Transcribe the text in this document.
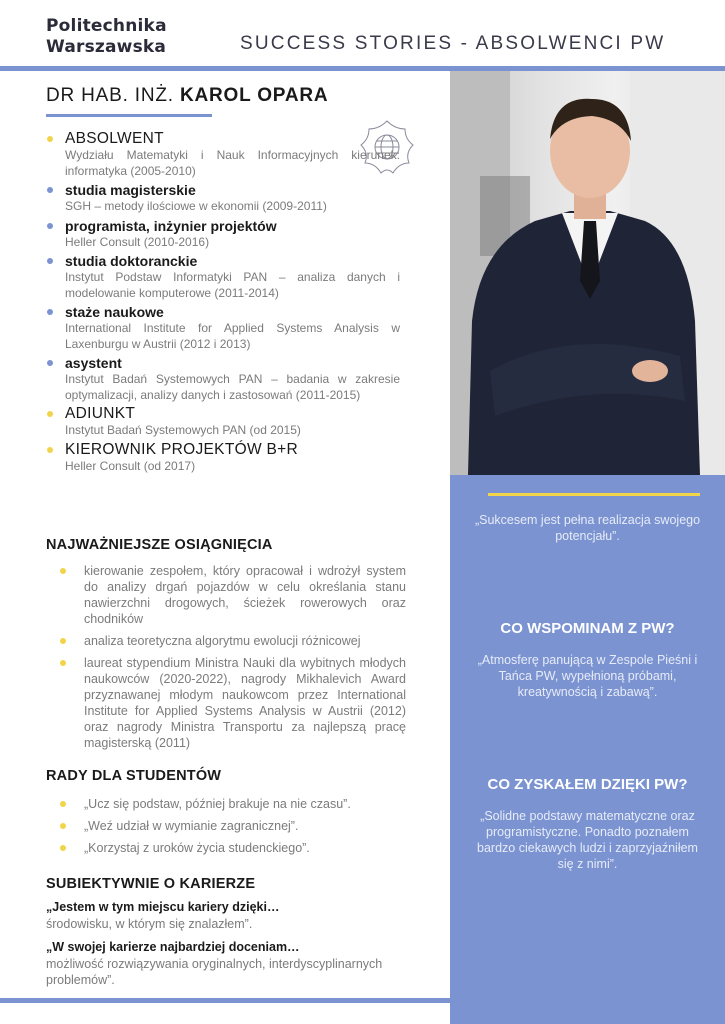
Politechnika
Warszawska	SUCCESS STORIES - ABSOLWENCI PW
„Sukcesem jest pełna realizacja swojego potencjału”.
CO WSPOMINAM Z PW?
„Atmosferę panującą w Zespole Pieśni i Tańca PW, wypełnioną próbami, kreatywnością i zabawą”.
CO ZYSKAŁEM DZIĘKI PW?
„Solidne podstawy matematyczne oraz programistyczne. Ponadto poznałem bardzo ciekawych ludzi i zaprzyjaźniłem się z nimi”.
DR HAB. INŻ. KAROL OPARA
ABSOLWENT
Wydziału Matematyki i Nauk Informacyjnych kierunek: informatyka (2005-2010)
studia magisterskie
SGH – metody ilościowe w ekonomii (2009-2011)
programista, inżynier projektów
Heller Consult (2010-2016)
studia doktoranckie
Instytut Podstaw Informatyki PAN – analiza danych i modelowanie komputerowe (2011-2014)
staże naukowe
International Institute for Applied Systems Analysis w Laxenburgu w Austrii (2012 i 2013)
asystent
Instytut Badań Systemowych PAN – badania w zakresie optymalizacji, analizy danych i zastosowań (2011-2015)
ADIUNKT
Instytut Badań Systemowych PAN (od 2015)
KIEROWNIK PROJEKTÓW B+R
Heller Consult (od 2017)
NAJWAŻNIEJSZE OSIĄGNIĘCIA
kierowanie zespołem, który opracował i wdrożył system do analizy drgań pojazdów w celu określania stanu nawierzchni drogowych, ścieżek rowerowych oraz chodników
analiza teoretyczna algorytmu ewolucji różnicowej
laureat stypendium Ministra Nauki dla wybitnych młodych naukowców (2020-2022), nagrody Mikhalevich Award przyznawanej młodym naukowcom przez International Institute for Applied Systems Analysis w Austrii (2012) oraz nagrody Ministra Transportu za najlepszą pracę magisterską (2011)
RADY DLA STUDENTÓW
„Ucz się podstaw, później brakuje na nie czasu”.
„Weź udział w wymianie zagranicznej”.
„Korzystaj z uroków życia studenckiego”.
SUBIEKTYWNIE O KARIERZE
„Jestem w tym miejscu kariery dzięki…
środowisku, w którym się znalazłem”.
„W swojej karierze najbardziej doceniam…
możliwość rozwiązywania oryginalnych, interdyscyplinarnych problemów”.
